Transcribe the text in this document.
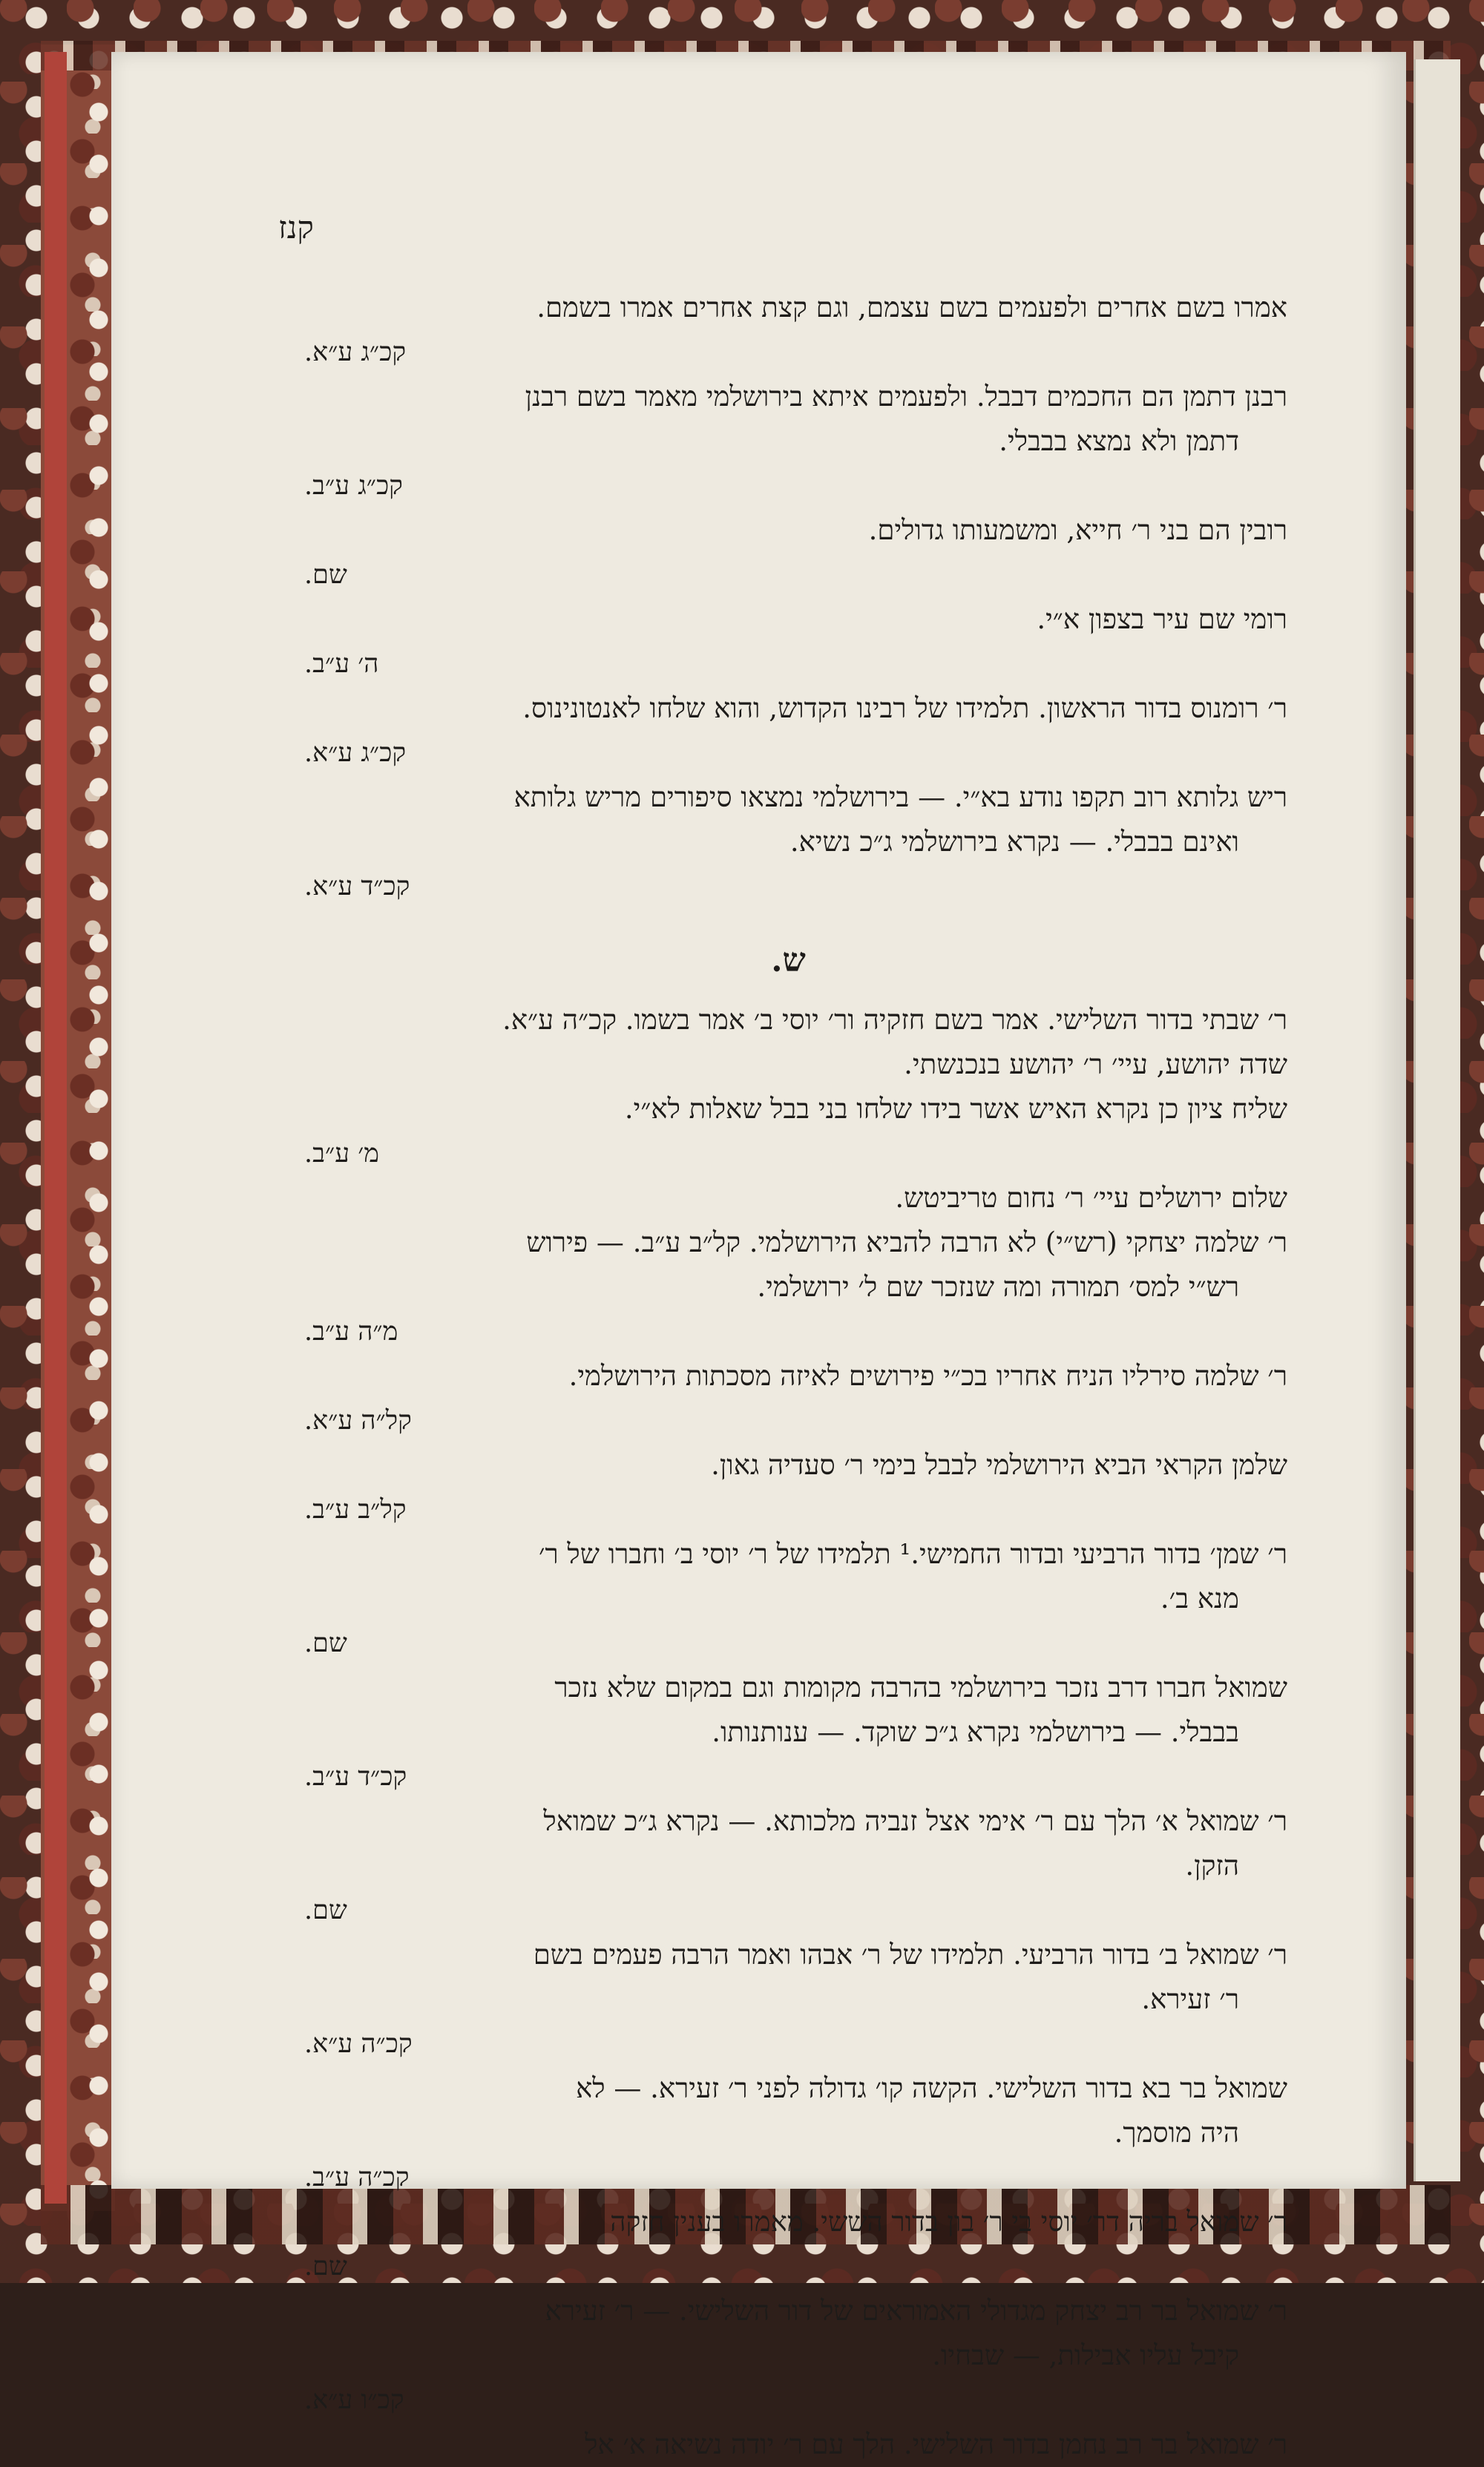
קנז
אמרו בשם אחרים ולפעמים בשם עצמם, וגם קצת אחרים אמרו בשמם.
קכ״ג ע״א.
רבנן דתמן הם החכמים דבבל. ולפעמים איתא בירושלמי מאמר בשם רבנן
דתמן ולא נמצא בבבלי.
קכ״ג ע״ב.
רובין הם בני ר׳ חייא, ומשמעותו גדולים.
שם.
רומי שם עיר בצפון א״י.
ה׳ ע״ב.
ר׳ רומנוס בדור הראשון. תלמידו של רבינו הקדוש, והוא שלחו לאנטונינוס.
קכ״ג ע״א.
ריש גלותא רוב תקפו נודע בא״י. — בירושלמי נמצאו סיפורים מריש גלותא
ואינם בבבלי. — נקרא בירושלמי ג״כ נשיא.
קכ״ד ע״א.
ש.
ר׳ שבתי בדור השלישי. אמר בשם חזקיה ור׳ יוסי ב׳ אמר בשמו. קכ״ה ע״א.
שדה יהושע, עיי׳ ר׳ יהושע בנכנשתי.
שליח ציון כן נקרא האיש אשר בידו שלחו בני בבל שאלות לא״י.
מ׳ ע״ב.
שלום ירושלים עיי׳ ר׳ נחום טריביטש.
ר׳ שלמה יצחקי (רש״י) לא הרבה להביא הירושלמי. קל״ב ע״ב. — פירוש
רש״י למס׳ תמורה ומה שנזכר שם ל׳ ירושלמי.
מ״ה ע״ב.
ר׳ שלמה סירליו הניח אחריו בכ״י פירושים לאיזה מסכתות הירושלמי.
קל״ה ע״א.
שלמן הקראי הביא הירושלמי לבבל בימי ר׳ סעדיה גאון.
קל״ב ע״ב.
ר׳ שמן׳ בדור הרביעי ובדור החמישי.¹ תלמידו של ר׳ יוסי ב׳ וחברו של ר׳
מנא ב׳.
שם.
שמואל חברו דרב נזכר בירושלמי בהרבה מקומות וגם במקום שלא נזכר
בבבלי. — בירושלמי נקרא ג״כ שוקד. — ענותנותו.
קכ״ד ע״ב.
ר׳ שמואל א׳ הלך עם ר׳ אימי אצל זנביה מלכותא. — נקרא ג״כ שמואל
הזקן.
שם.
ר׳ שמואל ב׳ בדור הרביעי. תלמידו של ר׳ אבהו ואמר הרבה פעמים בשם
ר׳ זעירא.
קכ״ה ע״א.
שמואל בר בא בדור השלישי. הקשה קו׳ גדולה לפני ר׳ זעירא. — לא
היה מוסמך.
קכ״ה ע״ב.
ר׳ שמואל בריה דר׳ יוסי בי ר׳ בון בדור הששי. מאמרו בענין חזקה
שם.
ר׳ שמואל בר רב יצחק מגדולי האמוראים של דור השלישי. — ר׳ זעירא
קיבל עליו אבילות, — שבחיו.
קכ״ו ע״א.
ר׳ שמואל בר רב נחמן בדור השלישי. הלך עם ר׳ יודה נשיאה א׳ אל
